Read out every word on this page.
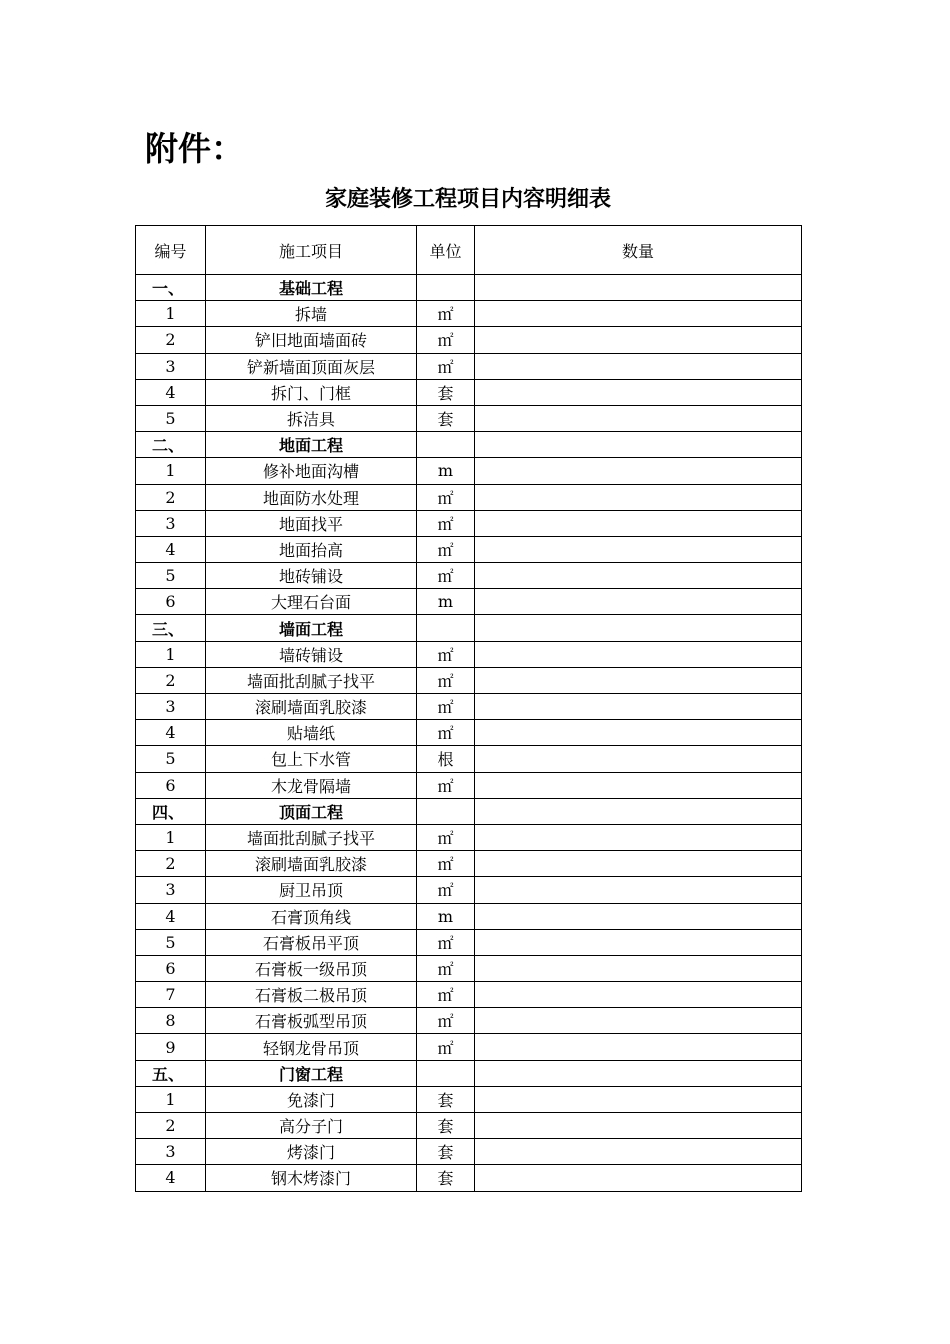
附件：
家庭装修工程项目内容明细表
编号	施工项目	单位	数量
一、	基础工程		
1	拆墙	㎡	
2	铲旧地面墙面砖	㎡	
3	铲新墙面顶面灰层	㎡	
4	拆门、门框	套	
5	拆洁具	套	
二、	地面工程		
1	修补地面沟槽	m	
2	地面防水处理	㎡	
3	地面找平	㎡	
4	地面抬高	㎡	
5	地砖铺设	㎡	
6	大理石台面	m	
三、	墙面工程		
1	墙砖铺设	㎡	
2	墙面批刮腻子找平	㎡	
3	滚刷墙面乳胶漆	㎡	
4	贴墙纸	㎡	
5	包上下水管	根	
6	木龙骨隔墙	㎡	
四、	顶面工程		
1	墙面批刮腻子找平	㎡	
2	滚刷墙面乳胶漆	㎡	
3	厨卫吊顶	㎡	
4	石膏顶角线	m	
5	石膏板吊平顶	㎡	
6	石膏板一级吊顶	㎡	
7	石膏板二极吊顶	㎡	
8	石膏板弧型吊顶	㎡	
9	轻钢龙骨吊顶	㎡	
五、	门窗工程		
1	免漆门	套	
2	高分子门	套	
3	烤漆门	套	
4	钢木烤漆门	套	
